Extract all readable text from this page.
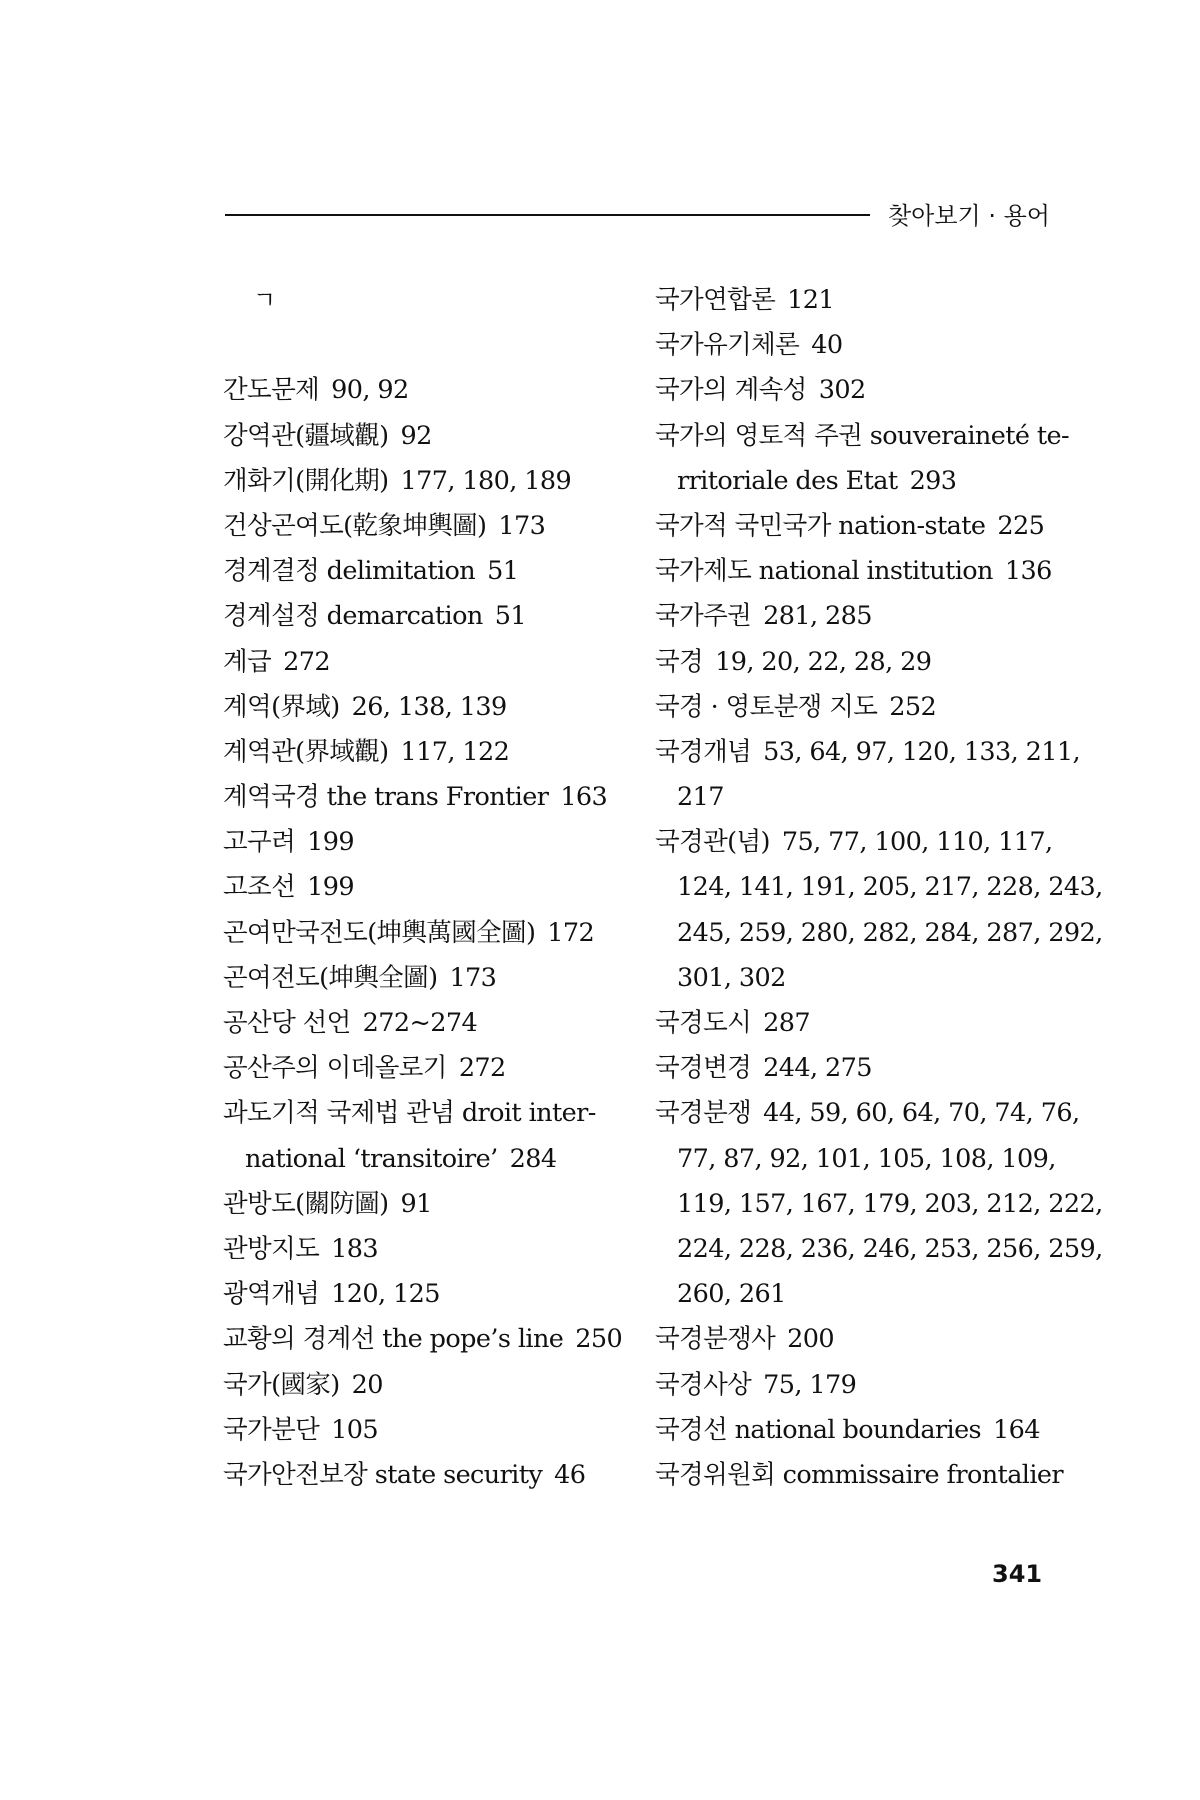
찾아보기 · 용어
ㄱ
간도문제 90, 92
강역관(疆域觀) 92
개화기(開化期) 177, 180, 189
건상곤여도(乾象坤輿圖) 173
경계결정 delimitation 51
경계설정 demarcation 51
계급 272
계역(界域) 26, 138, 139
계역관(界域觀) 117, 122
계역국경 the trans Frontier 163
고구려 199
고조선 199
곤여만국전도(坤輿萬國全圖) 172
곤여전도(坤輿全圖) 173
공산당 선언 272~274
공산주의 이데올로기 272
과도기적 국제법 관념 droit inter-
national ‘transitoire’ 284
관방도(關防圖) 91
관방지도 183
광역개념 120, 125
교황의 경계선 the pope’s line 250
국가(國家) 20
국가분단 105
국가안전보장 state security 46
국가연합론 121
국가유기체론 40
국가의 계속성 302
국가의 영토적 주권 souveraineté te-
rritoriale des Etat 293
국가적 국민국가 nation-state 225
국가제도 national institution 136
국가주권 281, 285
국경 19, 20, 22, 28, 29
국경 · 영토분쟁 지도 252
국경개념 53, 64, 97, 120, 133, 211,
217
국경관(념) 75, 77, 100, 110, 117,
124, 141, 191, 205, 217, 228, 243,
245, 259, 280, 282, 284, 287, 292,
301, 302
국경도시 287
국경변경 244, 275
국경분쟁 44, 59, 60, 64, 70, 74, 76,
77, 87, 92, 101, 105, 108, 109,
119, 157, 167, 179, 203, 212, 222,
224, 228, 236, 246, 253, 256, 259,
260, 261
국경분쟁사 200
국경사상 75, 179
국경선 national boundaries 164
국경위원회 commissaire frontalier
341
